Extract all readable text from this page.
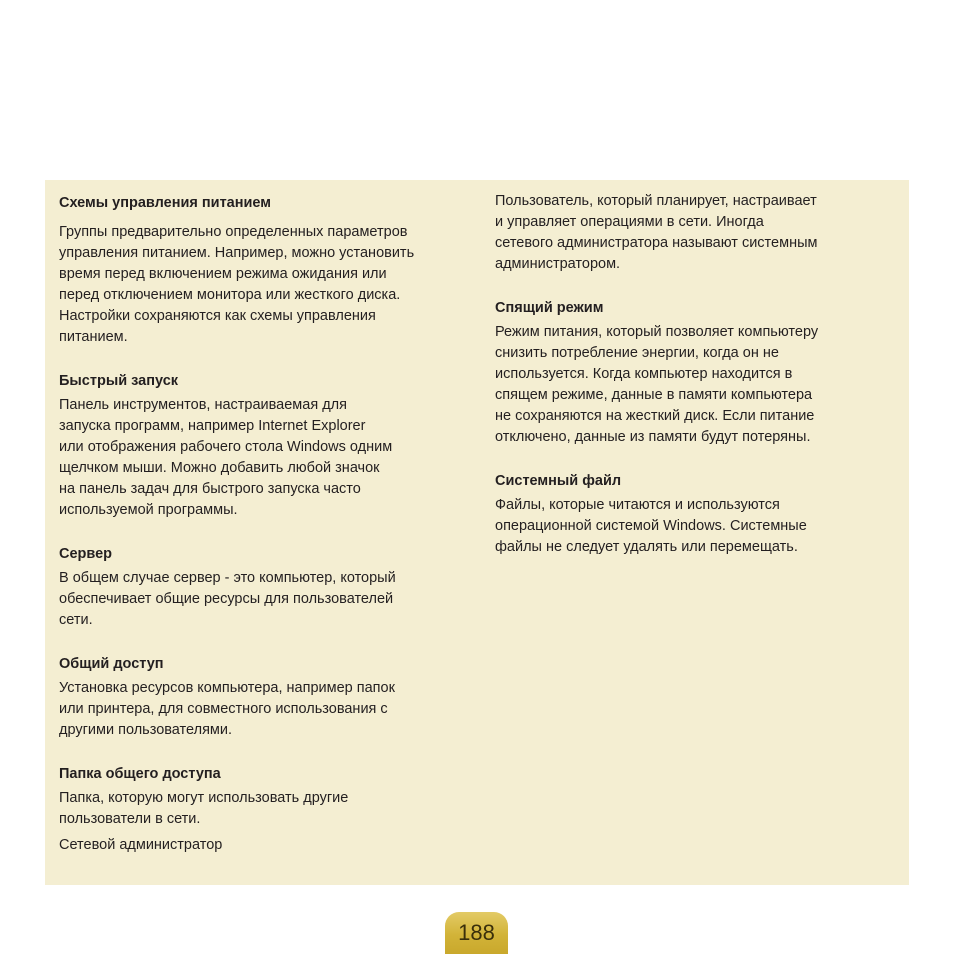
Схемы управления питанием

Группы предварительно определенных параметров
управления питанием. Например, можно установить
время перед включением режима ожидания или
перед отключением монитора или жесткого диска.
Настройки сохраняются как схемы управления
питанием.

Быстрый запуск

Панель инструментов, настраиваемая для
запуска программ, например Internet Explorer
или отображения рабочего стола Windows одним
щелчком мыши. Можно добавить любой значок
на панель задач для быстрого запуска часто
используемой программы.

Сервер

В общем случае сервер - это компьютер, который
обеспечивает общие ресурсы для пользователей
сети.

Общий доступ

Установка ресурсов компьютера, например папок
или принтера, для совместного использования с
другими пользователями.

Папка общего доступа

Папка, которую могут использовать другие
пользователи в сети.

Сетевой администратор

Пользователь, который планирует, настраивает
и управляет операциями в сети. Иногда
сетевого администратора называют системным
администратором.

Спящий режим

Режим питания, который позволяет компьютеру
снизить потребление энергии, когда он не
используется. Когда компьютер находится в
спящем режиме, данные в памяти компьютера
не сохраняются на жесткий диск. Если питание
отключено, данные из памяти будут потеряны.

Системный файл

Файлы, которые читаются и используются
операционной системой Windows. Системные
файлы не следует удалять или перемещать.

188
